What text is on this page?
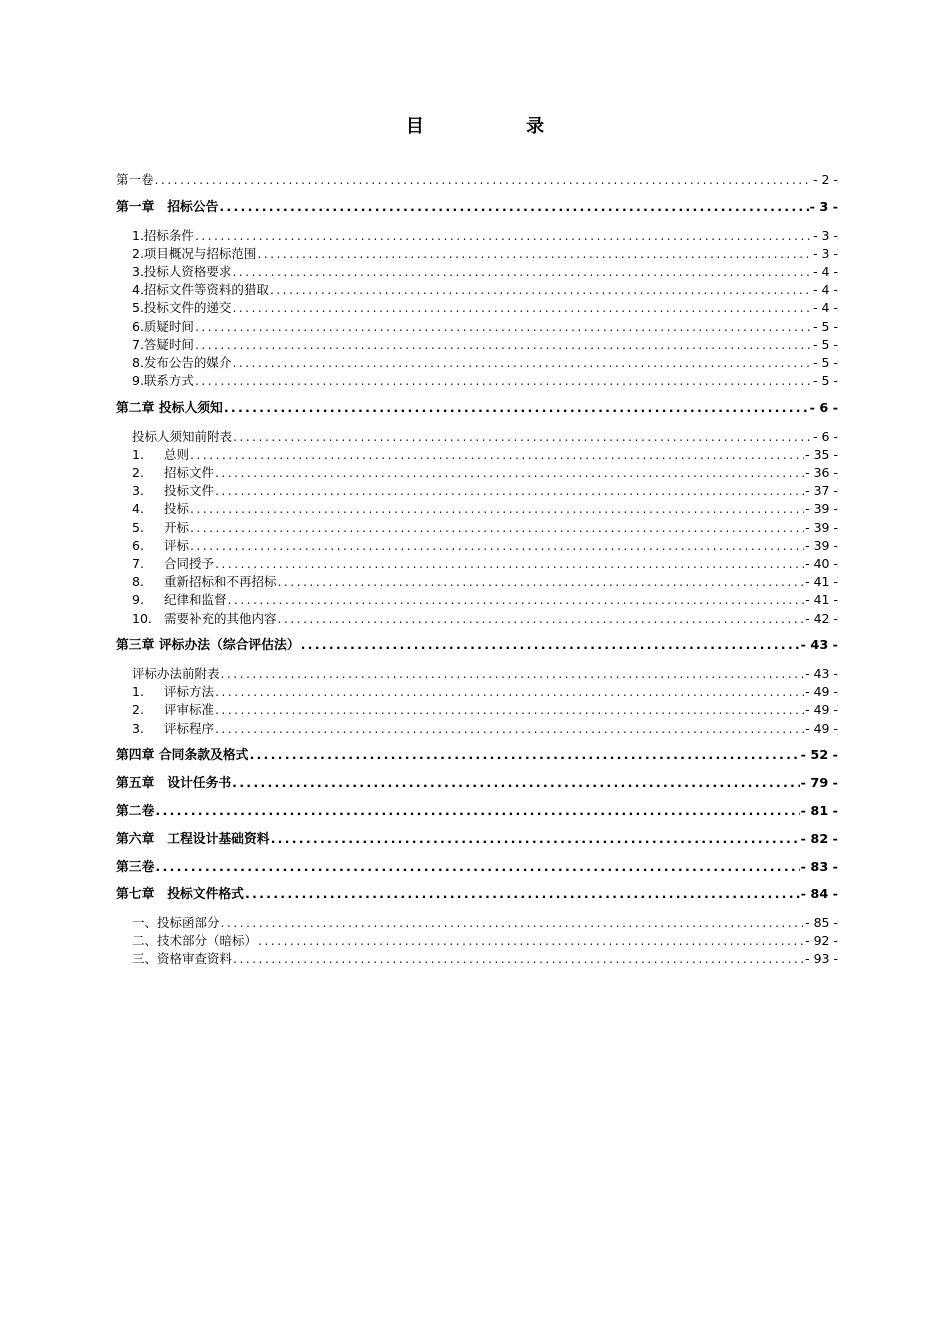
目 录
第一卷 .....	- 2 -
第一章　招标公告 .....	- 3 -
1.招标条件 .....	- 3 -
2.项目概况与招标范围 .....	- 3 -
3.投标人资格要求 .....	- 4 -
4.招标文件等资料的猎取 .....	- 4 -
5.投标文件的递交 .....	- 4 -
6.质疑时间 .....	- 5 -
7.答疑时间 .....	- 5 -
8.发布公告的媒介 .....	- 5 -
9.联系方式 .....	- 5 -
第二章 投标人须知 .....	- 6 -
投标人须知前附表 .....	- 6 -
1. 总则 .....	- 35 -
2. 招标文件 .....	- 36 -
3. 投标文件 .....	- 37 -
4. 投标 .....	- 39 -
5. 开标 .....	- 39 -
6. 评标 .....	- 39 -
7. 合同授予 .....	- 40 -
8. 重新招标和不再招标 .....	- 41 -
9. 纪律和监督 .....	- 41 -
10. 需要补充的其他内容 .....	- 42 -
第三章 评标办法（综合评估法） .....	- 43 -
评标办法前附表 .....	- 43 -
1. 评标方法 .....	- 49 -
2. 评审标准 .....	- 49 -
3. 评标程序 .....	- 49 -
第四章 合同条款及格式 .....	- 52 -
第五章　设计任务书 .....	- 79 -
第二卷 .....	- 81 -
第六章　工程设计基础资料 .....	- 82 -
第三卷 .....	- 83 -
第七章　投标文件格式 .....	- 84 -
一、投标函部分 .....	- 85 -
二、技术部分（暗标） .....	- 92 -
三、资格审查资料 .....	- 93 -
